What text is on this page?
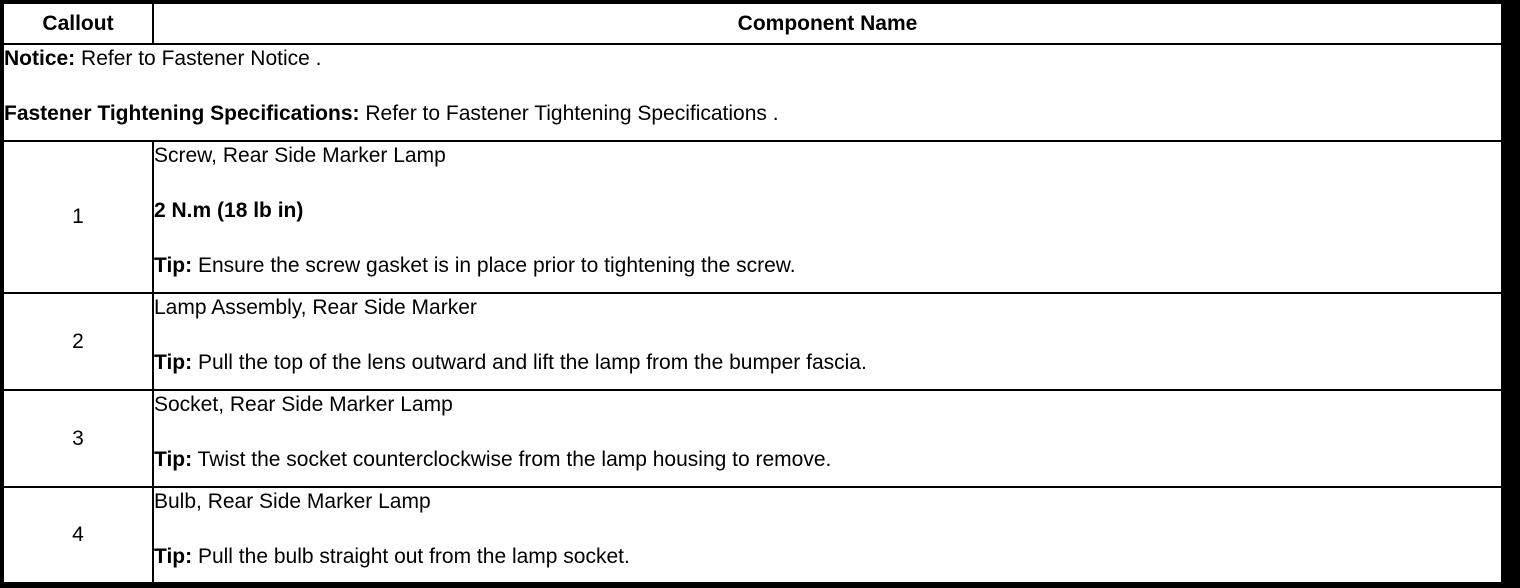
Callout	Component Name

Notice: Refer to Fastener Notice .

Fastener Tightening Specifications: Refer to Fastener Tightening Specifications .	

1	Screw, Rear Side Marker Lamp

2 N.m (18 lb in)

Tip: Ensure the screw gasket is in place prior to tightening the screw.

2	Lamp Assembly, Rear Side Marker

Tip: Pull the top of the lens outward and lift the lamp from the bumper fascia.

3	Socket, Rear Side Marker Lamp

Tip: Twist the socket counterclockwise from the lamp housing to remove.

4	Bulb, Rear Side Marker Lamp

Tip: Pull the bulb straight out from the lamp socket.
